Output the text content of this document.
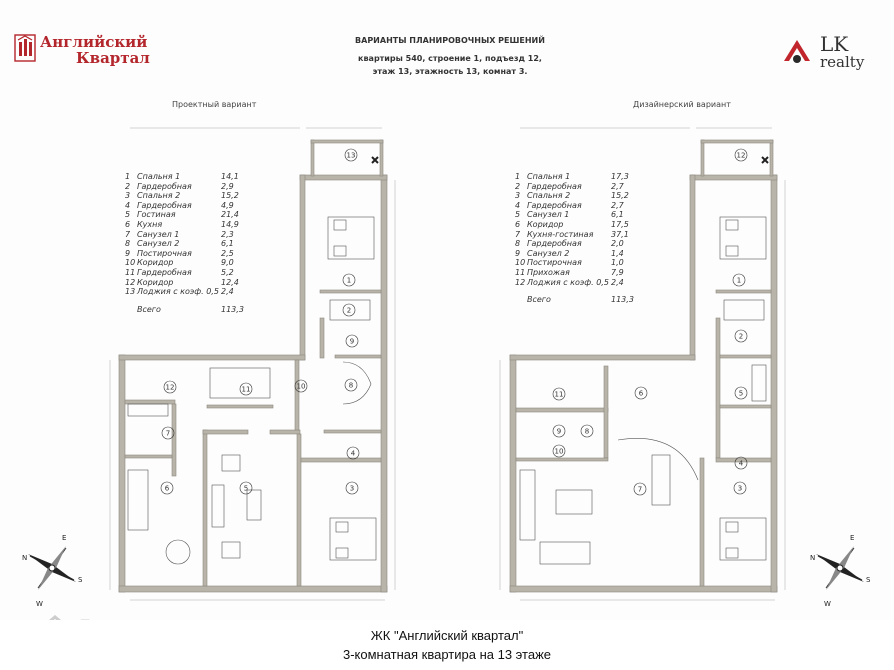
Английский
Квартал
ВАРИАНТЫ ПЛАНИРОВОЧНЫХ РЕШЕНИЙ
квартиры 540, строение 1, подъезд 12,
этаж 13, этажность 13, комнат 3.
LK
realty
Проектный вариант	Дизайнерский вариант
1
2
3
4
5
6
7
8
9
10
11
12
13
1
2
3
4
5
6
7
8
9
10
11
12
1 Спальня 1	14,1
2 Гардеробная	2,9
3 Спальня 2	15,2
4 Гардеробная	4,9
5 Гостиная	21,4
6 Кухня	14,9
7 Санузел 1	2,3
8 Санузел 2	6,1
9 Постирочная	2,5
10 Коридор	9,0
11 Гардеробная	5,2
12 Коридор	12,4
13 Лоджия с коэф. 0,5 2,4
Всего	113,3
1 Спальня 1	17,3
2 Гардеробная	2,7
3 Спальня 2	15,2
4 Гардеробная	2,7
5 Санузел 1	6,1
6 Коридор	17,5
7 Кухня-гостиная	37,1
8 Гардеробная	2,0
9 Санузел 2	1,4
10 Постирочная	1,0
11 Прихожая	7,9
12 Лоджия с коэф. 0,5 2,4
Всего	113,3
E
S
W
N
E
S
W
N
ЖК "Английский квартал"
3-комнатная квартира на 13 этаже
